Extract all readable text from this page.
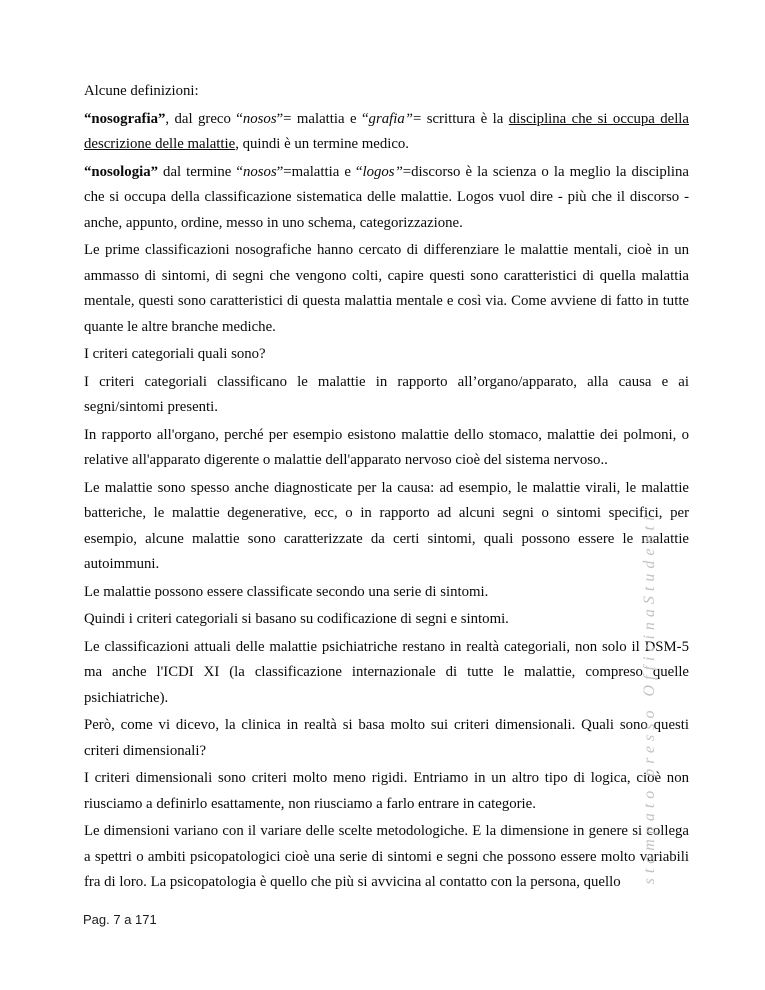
Alcune definizioni:

“nosografia”, dal greco “nosos”= malattia e “grafia”= scrittura è la disciplina che si occupa della descrizione delle malattie, quindi è un termine medico.

“nosologia” dal termine “nosos”=malattia e “logos”=discorso è la scienza o la meglio la disciplina che si occupa della classificazione sistematica delle malattie. Logos vuol dire - più che il discorso - anche, appunto, ordine, messo in uno schema, categorizzazione.

Le prime classificazioni nosografiche hanno cercato di differenziare le malattie mentali, cioè in un ammasso di sintomi, di segni che vengono colti, capire questi sono caratteristici di quella malattia mentale, questi sono caratteristici di questa malattia mentale e così via. Come avviene di fatto in tutte quante le altre branche mediche.

I criteri categoriali quali sono?

I criteri categoriali classificano le malattie in rapporto all’organo/apparato, alla causa e ai segni/sintomi presenti.

In rapporto all'organo, perché per esempio esistono malattie dello stomaco, malattie dei polmoni, o relative all'apparato digerente o malattie dell'apparato nervoso cioè del sistema nervoso..

Le malattie sono spesso anche diagnosticate per la causa: ad esempio, le malattie virali, le malattie batteriche, le malattie degenerative, ecc, o in rapporto ad alcuni segni o sintomi specifici, per esempio, alcune malattie sono caratterizzate da certi sintomi, quali possono essere le malattie autoimmuni.

Le malattie possono essere classificate secondo una serie di sintomi.

Quindi i criteri categoriali si basano su codificazione di segni e sintomi.

Le classificazioni attuali delle malattie psichiatriche restano in realtà categoriali, non solo il DSM-5 ma anche l'ICDI XI (la classificazione internazionale di tutte le malattie, compreso quelle psichiatriche).

Però, come vi dicevo, la clinica in realtà si basa molto sui criteri dimensionali. Quali sono questi criteri dimensionali?

I criteri dimensionali sono criteri molto meno rigidi. Entriamo in un altro tipo di logica, cioè non riusciamo a definirlo esattamente, non riusciamo a farlo entrare in categorie.

Le dimensioni variano con il variare delle scelte metodologiche. E la dimensione in genere si collega a spettri o ambiti psicopatologici cioè una serie di sintomi e segni che possono essere molto variabili fra di loro. La psicopatologia è quello che più si avvicina al contatto con la persona, quello	stampato presso OfficinaStudenti
Pag. 7 a 171
